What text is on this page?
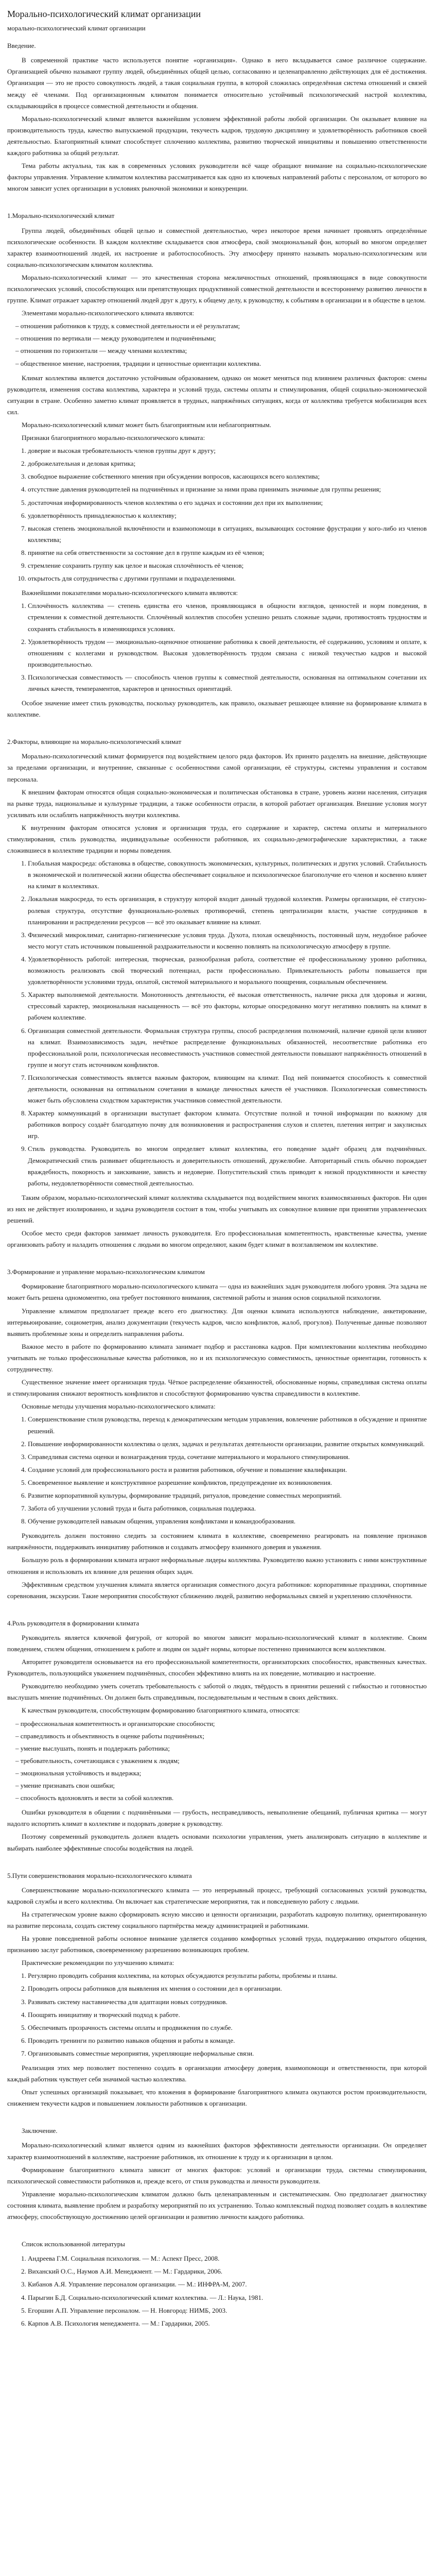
Морально-психологический климат организации

морально-психологический климат организации

Введение.

В современной практике часто используется понятие «организация». Однако в него вкладывается самое различное содержание. Организацией обычно называют группу людей, объединённых общей целью, согласованно и целенаправленно действующих для её достижения. Организация — это не просто совокупность людей, а такая социальная группа, в которой сложилась определённая система отношений и связей между её членами. Под организационным климатом понимается относительно устойчивый психологический настрой коллектива, складывающийся в процессе совместной деятельности и общения.

Морально-психологический климат является важнейшим условием эффективной работы любой организации. Он оказывает влияние на производительность труда, качество выпускаемой продукции, текучесть кадров, трудовую дисциплину и удовлетворённость работников своей деятельностью. Благоприятный климат способствует сплочению коллектива, развитию творческой инициативы и повышению ответственности каждого работника за общий результат.

Тема работы актуальна, так как в современных условиях руководители всё чаще обращают внимание на социально-психологические факторы управления. Управление климатом коллектива рассматривается как одно из ключевых направлений работы с персоналом, от которого во многом зависит успех организации в условиях рыночной экономики и конкуренции.

1.Морально-психологический климат

Группа людей, объединённых общей целью и совместной деятельностью, через некоторое время начинает проявлять определённые психологические особенности. В каждом коллективе складывается своя атмосфера, свой эмоциональный фон, который во многом определяет характер взаимоотношений людей, их настроение и работоспособность. Эту атмосферу принято называть морально-психологическим или социально-психологическим климатом коллектива.

Морально-психологический климат — это качественная сторона межличностных отношений, проявляющаяся в виде совокупности психологических условий, способствующих или препятствующих продуктивной совместной деятельности и всестороннему развитию личности в группе. Климат отражает характер отношений людей друг к другу, к общему делу, к руководству, к событиям в организации и в обществе в целом.

Элементами морально-психологического климата являются:

– отношения работников к труду, к совместной деятельности и её результатам;
– отношения по вертикали — между руководителем и подчинёнными;
– отношения по горизонтали — между членами коллектива;
– общественное мнение, настроения, традиции и ценностные ориентации коллектива.

Климат коллектива является достаточно устойчивым образованием, однако он может меняться под влиянием различных факторов: смены руководителя, изменения состава коллектива, характера и условий труда, системы оплаты и стимулирования, общей социально-экономической ситуации в стране. Особенно заметно климат проявляется в трудных, напряжённых ситуациях, когда от коллектива требуется мобилизация всех сил.

Морально-психологический климат может быть благоприятным или неблагоприятным.

Признаки благоприятного морально-психологического климата:

1. доверие и высокая требовательность членов группы друг к другу;
2. доброжелательная и деловая критика;
3. свободное выражение собственного мнения при обсуждении вопросов, касающихся всего коллектива;
4. отсутствие давления руководителей на подчинённых и признание за ними права принимать значимые для группы решения;
5. достаточная информированность членов коллектива о его задачах и состоянии дел при их выполнении;
6. удовлетворённость принадлежностью к коллективу;
7. высокая степень эмоциональной включённости и взаимопомощи в ситуациях, вызывающих состояние фрустрации у кого-либо из членов коллектива;
8. принятие на себя ответственности за состояние дел в группе каждым из её членов;
9. стремление сохранить группу как целое и высокая сплочённость её членов;
10. открытость для сотрудничества с другими группами и подразделениями.

Важнейшими показателями морально-психологического климата являются:

1. Сплочённость коллектива — степень единства его членов, проявляющаяся в общности взглядов, ценностей и норм поведения, в стремлении к совместной деятельности. Сплочённый коллектив способен успешно решать сложные задачи, противостоять трудностям и сохранять стабильность в изменяющихся условиях.
2. Удовлетворённость трудом — эмоционально-оценочное отношение работника к своей деятельности, её содержанию, условиям и оплате, к отношениям с коллегами и руководством. Высокая удовлетворённость трудом связана с низкой текучестью кадров и высокой производительностью.
3. Психологическая совместимость — способность членов группы к совместной деятельности, основанная на оптимальном сочетании их личных качеств, темпераментов, характеров и ценностных ориентаций.

Особое значение имеет стиль руководства, поскольку руководитель, как правило, оказывает решающее влияние на формирование климата в коллективе.

2.Факторы, влияющие на морально-психологический климат

Морально-психологический климат формируется под воздействием целого ряда факторов. Их принято разделять на внешние, действующие за пределами организации, и внутренние, связанные с особенностями самой организации, её структуры, системы управления и составом персонала.

К внешним факторам относятся общая социально-экономическая и политическая обстановка в стране, уровень жизни населения, ситуация на рынке труда, национальные и культурные традиции, а также особенности отрасли, в которой работает организация. Внешние условия могут усиливать или ослаблять напряжённость внутри коллектива.

К внутренним факторам относятся условия и организация труда, его содержание и характер, система оплаты и материального стимулирования, стиль руководства, индивидуальные особенности работников, их социально-демографические характеристики, а также сложившиеся в коллективе традиции и нормы поведения.

1. Глобальная макросреда: обстановка в обществе, совокупность экономических, культурных, политических и других условий. Стабильность в экономической и политической жизни общества обеспечивает социальное и психологическое благополучие его членов и косвенно влияет на климат в коллективах.
2. Локальная макросреда, то есть организация, в структуру которой входит данный трудовой коллектив. Размеры организации, её статусно-ролевая структура, отсутствие функционально-ролевых противоречий, степень централизации власти, участие сотрудников в планировании и распределении ресурсов — всё это оказывает влияние на климат.
3. Физический микроклимат, санитарно-гигиенические условия труда. Духота, плохая освещённость, постоянный шум, неудобное рабочее место могут стать источником повышенной раздражительности и косвенно повлиять на психологическую атмосферу в группе.
4. Удовлетворённость работой: интересная, творческая, разнообразная работа, соответствие её профессиональному уровню работника, возможность реализовать свой творческий потенциал, расти профессионально. Привлекательность работы повышается при удовлетворённости условиями труда, оплатой, системой материального и морального поощрения, социальным обеспечением.
5. Характер выполняемой деятельности. Монотонность деятельности, её высокая ответственность, наличие риска для здоровья и жизни, стрессовый характер, эмоциональная насыщенность — всё это факторы, которые опосредованно могут негативно повлиять на климат в рабочем коллективе.
6. Организация совместной деятельности. Формальная структура группы, способ распределения полномочий, наличие единой цели влияют на климат. Взаимозависимость задач, нечёткое распределение функциональных обязанностей, несоответствие работника его профессиональной роли, психологическая несовместимость участников совместной деятельности повышают напряжённость отношений в группе и могут стать источником конфликтов.
7. Психологическая совместимость является важным фактором, влияющим на климат. Под ней понимается способность к совместной деятельности, основанная на оптимальном сочетании в команде личностных качеств её участников. Психологическая совместимость может быть обусловлена сходством характеристик участников совместной деятельности.
8. Характер коммуникаций в организации выступает фактором климата. Отсутствие полной и точной информации по важному для работников вопросу создаёт благодатную почву для возникновения и распространения слухов и сплетен, плетения интриг и закулисных игр.
9. Стиль руководства. Руководитель во многом определяет климат коллектива, его поведение задаёт образец для подчинённых. Демократический стиль развивает общительность и доверительность отношений, дружелюбие. Авторитарный стиль обычно порождает враждебность, покорность и заискивание, зависть и недоверие. Попустительский стиль приводит к низкой продуктивности и качеству работы, неудовлетворённости совместной деятельностью.

Таким образом, морально-психологический климат коллектива складывается под воздействием многих взаимосвязанных факторов. Ни один из них не действует изолированно, и задача руководителя состоит в том, чтобы учитывать их совокупное влияние при принятии управленческих решений.

Особое место среди факторов занимает личность руководителя. Его профессиональная компетентность, нравственные качества, умение организовать работу и наладить отношения с людьми во многом определяют, каким будет климат в возглавляемом им коллективе.

3.Формирование и управление морально-психологическим климатом

Формирование благоприятного морально-психологического климата — одна из важнейших задач руководителя любого уровня. Эта задача не может быть решена одномоментно, она требует постоянного внимания, системной работы и знания основ социальной психологии.

Управление климатом предполагает прежде всего его диагностику. Для оценки климата используются наблюдение, анкетирование, интервьюирование, социометрия, анализ документации (текучесть кадров, число конфликтов, жалоб, прогулов). Полученные данные позволяют выявить проблемные зоны и определить направления работы.

Важное место в работе по формированию климата занимает подбор и расстановка кадров. При комплектовании коллектива необходимо учитывать не только профессиональные качества работников, но и их психологическую совместимость, ценностные ориентации, готовность к сотрудничеству.

Существенное значение имеет организация труда. Чёткое распределение обязанностей, обоснованные нормы, справедливая система оплаты и стимулирования снижают вероятность конфликтов и способствуют формированию чувства справедливости в коллективе.

Основные методы улучшения морально-психологического климата:

1. Совершенствование стиля руководства, переход к демократическим методам управления, вовлечение работников в обсуждение и принятие решений.
2. Повышение информированности коллектива о целях, задачах и результатах деятельности организации, развитие открытых коммуникаций.
3. Справедливая система оценки и вознаграждения труда, сочетание материального и морального стимулирования.
4. Создание условий для профессионального роста и развития работников, обучение и повышение квалификации.
5. Своевременное выявление и конструктивное разрешение конфликтов, предупреждение их возникновения.
6. Развитие корпоративной культуры, формирование традиций, ритуалов, проведение совместных мероприятий.
7. Забота об улучшении условий труда и быта работников, социальная поддержка.
8. Обучение руководителей навыкам общения, управления конфликтами и командообразования.

Руководитель должен постоянно следить за состоянием климата в коллективе, своевременно реагировать на появление признаков напряжённости, поддерживать инициативу работников и создавать атмосферу взаимного доверия и уважения.

Большую роль в формировании климата играют неформальные лидеры коллектива. Руководителю важно установить с ними конструктивные отношения и использовать их влияние для решения общих задач.

Эффективным средством улучшения климата является организация совместного досуга работников: корпоративные праздники, спортивные соревнования, экскурсии. Такие мероприятия способствуют сближению людей, развитию неформальных связей и укреплению сплочённости.

4.Роль руководителя в формировании климата

Руководитель является ключевой фигурой, от которой во многом зависит морально-психологический климат в коллективе. Своим поведением, стилем общения, отношением к работе и людям он задаёт нормы, которые постепенно принимаются всем коллективом.

Авторитет руководителя основывается на его профессиональной компетентности, организаторских способностях, нравственных качествах. Руководитель, пользующийся уважением подчинённых, способен эффективно влиять на их поведение, мотивацию и настроение.

Руководителю необходимо уметь сочетать требовательность с заботой о людях, твёрдость в принятии решений с гибкостью и готовностью выслушать мнение подчинённых. Он должен быть справедливым, последовательным и честным в своих действиях.

К качествам руководителя, способствующим формированию благоприятного климата, относятся:

– профессиональная компетентность и организаторские способности;
– справедливость и объективность в оценке работы подчинённых;
– умение выслушать, понять и поддержать работника;
– требовательность, сочетающаяся с уважением к людям;
– эмоциональная устойчивость и выдержка;
– умение признавать свои ошибки;
– способность вдохновлять и вести за собой коллектив.

Ошибки руководителя в общении с подчинёнными — грубость, несправедливость, невыполнение обещаний, публичная критика — могут надолго испортить климат в коллективе и подорвать доверие к руководству.

Поэтому современный руководитель должен владеть основами психологии управления, уметь анализировать ситуацию в коллективе и выбирать наиболее эффективные способы воздействия на людей.

5.Пути совершенствования морально-психологического климата

Совершенствование морально-психологического климата — это непрерывный процесс, требующий согласованных усилий руководства, кадровой службы и всего коллектива. Он включает как стратегические мероприятия, так и повседневную работу с людьми.

На стратегическом уровне важно сформировать ясную миссию и ценности организации, разработать кадровую политику, ориентированную на развитие персонала, создать систему социального партнёрства между администрацией и работниками.

На уровне повседневной работы основное внимание уделяется созданию комфортных условий труда, поддержанию открытого общения, признанию заслуг работников, своевременному разрешению возникающих проблем.

Практические рекомендации по улучшению климата:

1. Регулярно проводить собрания коллектива, на которых обсуждаются результаты работы, проблемы и планы.
2. Проводить опросы работников для выявления их мнения о состоянии дел в организации.
3. Развивать систему наставничества для адаптации новых сотрудников.
4. Поощрять инициативу и творческий подход к работе.
5. Обеспечивать прозрачность системы оплаты и продвижения по службе.
6. Проводить тренинги по развитию навыков общения и работы в команде.
7. Организовывать совместные мероприятия, укрепляющие неформальные связи.

Реализация этих мер позволяет постепенно создать в организации атмосферу доверия, взаимопомощи и ответственности, при которой каждый работник чувствует себя значимой частью коллектива.

Опыт успешных организаций показывает, что вложения в формирование благоприятного климата окупаются ростом производительности, снижением текучести кадров и повышением лояльности работников к организации.

Заключение.

Морально-психологический климат является одним из важнейших факторов эффективности деятельности организации. Он определяет характер взаимоотношений в коллективе, настроение работников, их отношение к труду и к организации в целом.

Формирование благоприятного климата зависит от многих факторов: условий и организации труда, системы стимулирования, психологической совместимости работников и, прежде всего, от стиля руководства и личности руководителя.

Управление морально-психологическим климатом должно быть целенаправленным и систематическим. Оно предполагает диагностику состояния климата, выявление проблем и разработку мероприятий по их устранению. Только комплексный подход позволяет создать в коллективе атмосферу, способствующую достижению целей организации и развитию личности каждого работника.

Список использованной литературы

1. Андреева Г.М. Социальная психология. — М.: Аспект Пресс, 2008.
2. Виханский О.С., Наумов А.И. Менеджмент. — М.: Гардарики, 2006.
3. Кибанов А.Я. Управление персоналом организации. — М.: ИНФРА-М, 2007.
4. Парыгин Б.Д. Социально-психологический климат коллектива. — Л.: Наука, 1981.
5. Егоршин А.П. Управление персоналом. — Н. Новгород: НИМБ, 2003.
6. Карпов А.В. Психология менеджмента. — М.: Гардарики, 2005.
